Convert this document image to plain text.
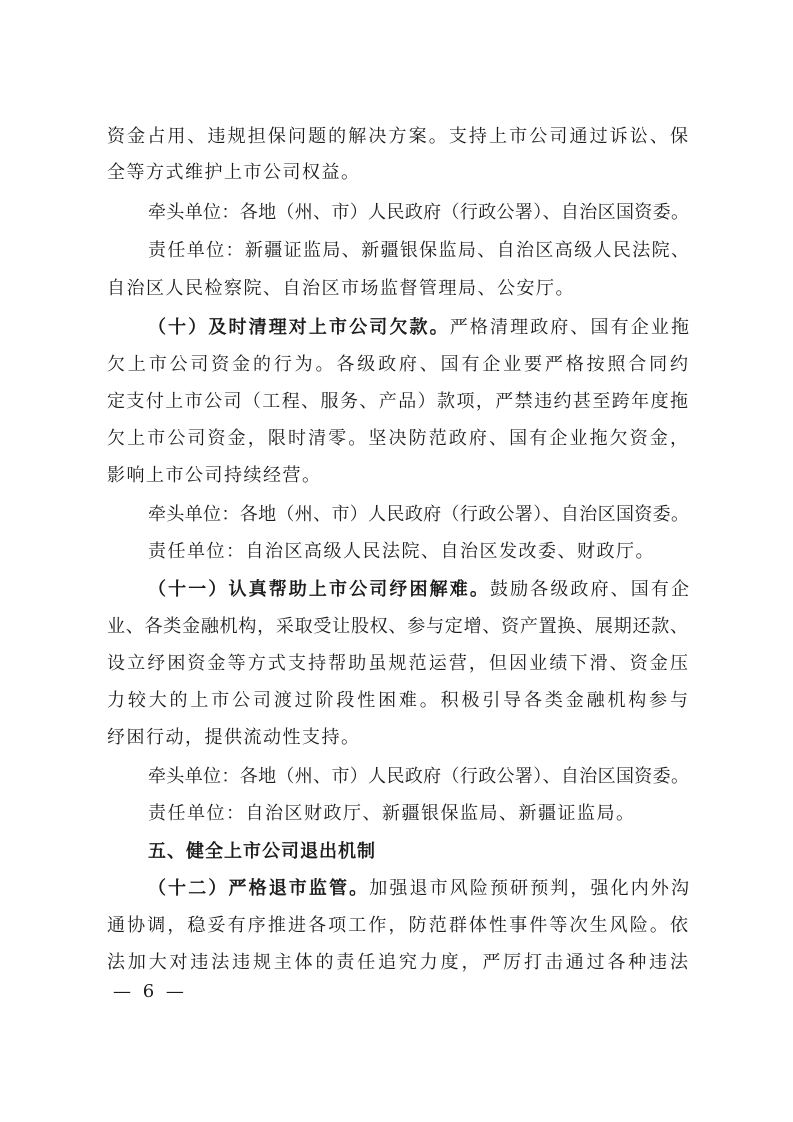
资金占用、违规担保问题的解决方案。支持上市公司通过诉讼、保
全等方式维护上市公司权益。
牵头单位：各地（州、市）人民政府（行政公署）、自治区国资委。
责任单位：新疆证监局、新疆银保监局、自治区高级人民法院、
自治区人民检察院、自治区市场监督管理局、公安厅。
（十）及时清理对上市公司欠款。严格清理政府、国有企业拖
欠上市公司资金的行为。各级政府、国有企业要严格按照合同约
定支付上市公司（工程、服务、产品）款项，严禁违约甚至跨年度拖
欠上市公司资金，限时清零。坚决防范政府、国有企业拖欠资金，
影响上市公司持续经营。
牵头单位：各地（州、市）人民政府（行政公署）、自治区国资委。
责任单位：自治区高级人民法院、自治区发改委、财政厅。
（十一）认真帮助上市公司纾困解难。鼓励各级政府、国有企
业、各类金融机构，采取受让股权、参与定增、资产置换、展期还款、
设立纾困资金等方式支持帮助虽规范运营，但因业绩下滑、资金压
力较大的上市公司渡过阶段性困难。积极引导各类金融机构参与
纾困行动，提供流动性支持。
牵头单位：各地（州、市）人民政府（行政公署）、自治区国资委。
责任单位：自治区财政厅、新疆银保监局、新疆证监局。
五、健全上市公司退出机制
（十二）严格退市监管。加强退市风险预研预判，强化内外沟
通协调，稳妥有序推进各项工作，防范群体性事件等次生风险。依
法加大对违法违规主体的责任追究力度，严厉打击通过各种违法
— 6 —
